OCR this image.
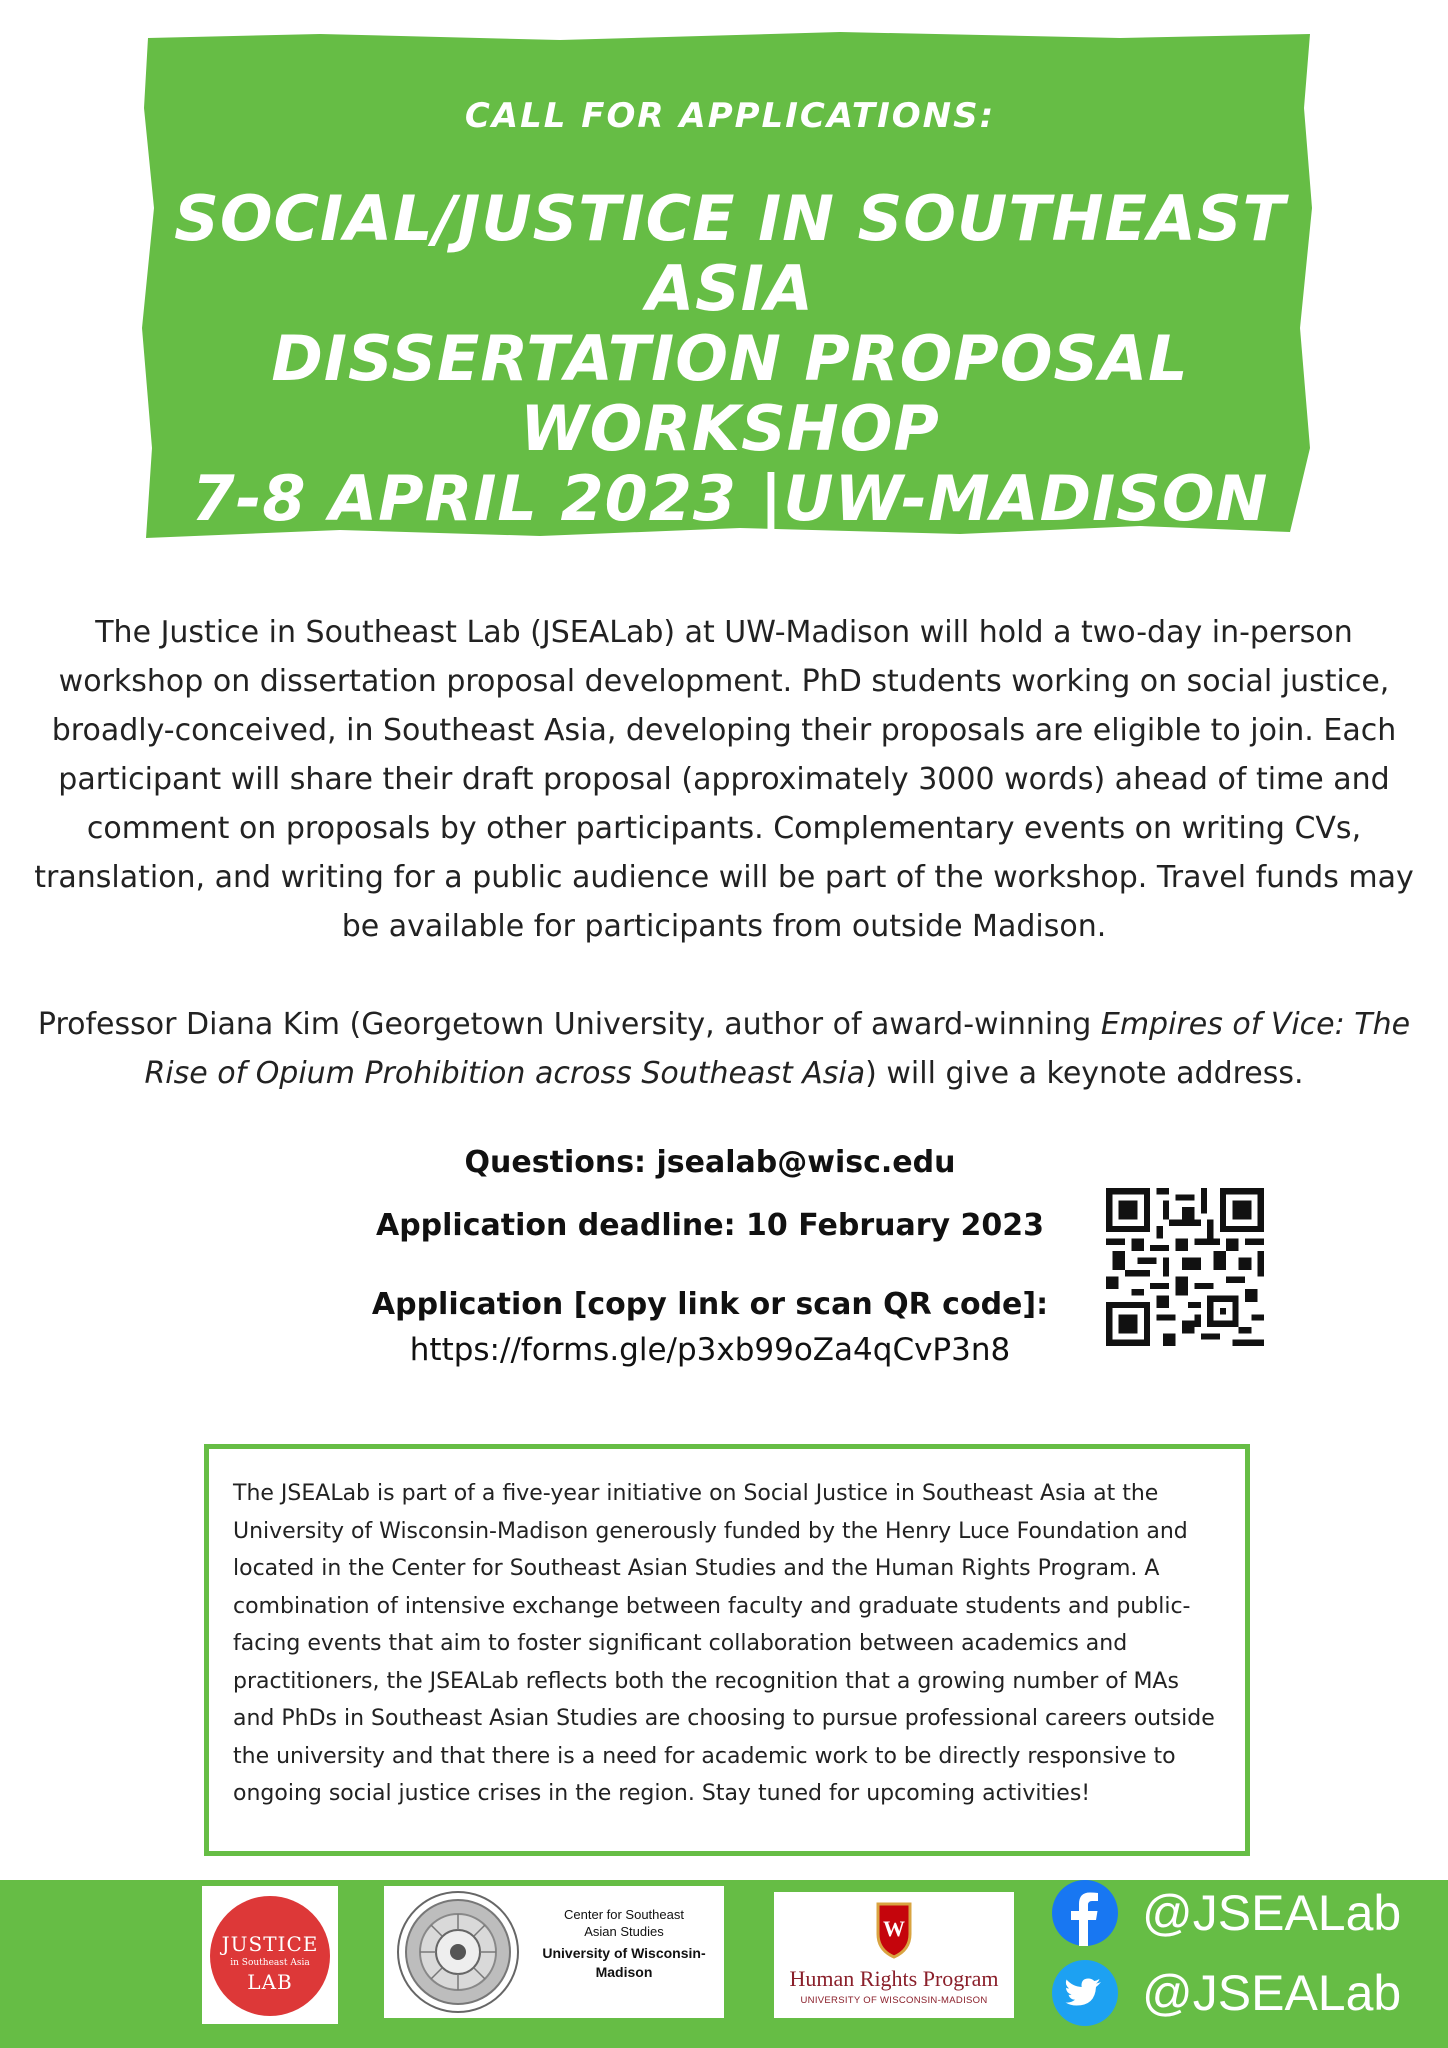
CALL FOR APPLICATIONS:
SOCIAL/JUSTICE IN SOUTHEAST ASIA
DISSERTATION PROPOSAL
WORKSHOP
7-8 APRIL 2023 |UW-MADISON

The Justice in Southeast Lab (JSEALab) at UW-Madison will hold a two-day in-person workshop on dissertation proposal development. PhD students working on social justice, broadly-conceived, in Southeast Asia, developing their proposals are eligible to join. Each participant will share their draft proposal (approximately 3000 words) ahead of time and comment on proposals by other participants. Complementary events on writing CVs, translation, and writing for a public audience will be part of the workshop. Travel funds may be available for participants from outside Madison.

Professor Diana Kim (Georgetown University, author of award-winning Empires of Vice: The Rise of Opium Prohibition across Southeast Asia) will give a keynote address.

Questions: jsealab@wisc.edu

Application deadline: 10 February 2023

Application [copy link or scan QR code]:

https://forms.gle/p3xb99oZa4qCvP3n8
The JSEALab is part of a five-year initiative on Social Justice in Southeast Asia at the University of Wisconsin-Madison generously funded by the Henry Luce Foundation and located in the Center for Southeast Asian Studies and the Human Rights Program. A combination of intensive exchange between faculty and graduate students and public-facing events that aim to foster significant collaboration between academics and practitioners, the JSEALab reflects both the recognition that a growing number of MAs and PhDs in Southeast Asian Studies are choosing to pursue professional careers outside the university and that there is a need for academic work to be directly responsive to ongoing social justice crises in the region. Stay tuned for upcoming activities!
JUSTICE
in Southeast Asia
LAB
Center for Southeast
Asian Studies
University of Wisconsin-
Madison
W
Human Rights Program
UNIVERSITY OF WISCONSIN-MADISON
@JSEALab
@JSEALab
